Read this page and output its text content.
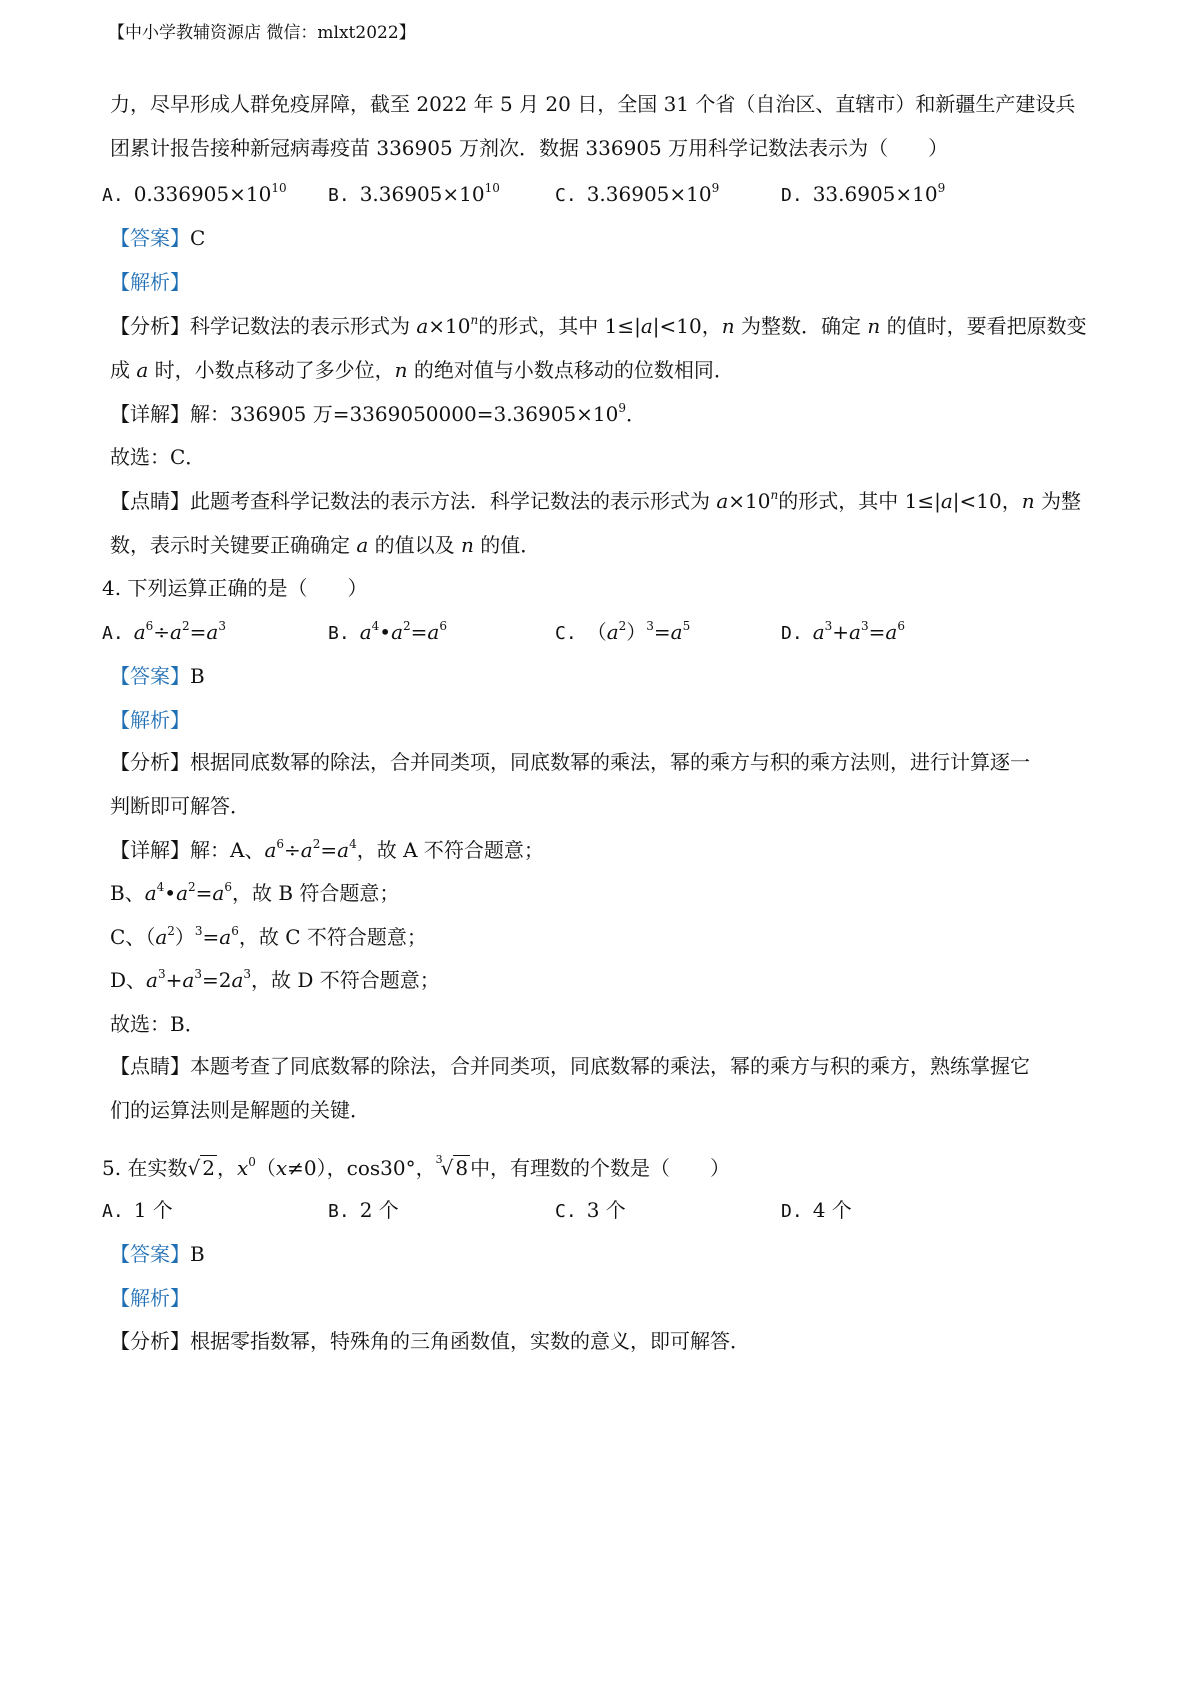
【中小学教辅资源店 微信：mlxt2022】
力，尽早形成人群免疫屏障，截至 2022 年 5 月 20 日，全国 31 个省（自治区、直辖市）和新疆生产建设兵
团累计报告接种新冠病毒疫苗 336905 万剂次．数据 336905 万用科学记数法表示为（　　）
A. $0.336905\times 10^{10}$ B. $3.36905\times 10^{10}$	C. $3.36905\times 10^9$	D. $33.6905\times 10^9$
【答案】C
【解析】
【分析】科学记数法的表示形式为 $a\times 10^n$的形式，其中 1≤|a|<10，n 为整数．确定 n 的值时，要看把原数变
成 a 时，小数点移动了多少位，n 的绝对值与小数点移动的位数相同．
【详解】解：336905 万$=3369050000=3.36905\times 10^9$．
故选：C．
【点睛】此题考查科学记数法的表示方法．科学记数法的表示形式为 $a\times 10^n$的形式，其中 1≤|a|<10，n 为整
数，表示时关键要正确确定 a 的值以及 n 的值．
4. 下列运算正确的是（　　）
A. $a^6\div a^2=a^3$	B. $a^4•a^2=a^6$	C. $(a^2)^3=a^5$	D. $a^3+a^3=a^6$
【答案】B
【解析】
【分析】根据同底数幂的除法，合并同类项，同底数幂的乘法，幂的乘方与积的乘方法则，进行计算逐一
判断即可解答．
【详解】解：A、$a^6\div a^2=a^4$，故 A 不符合题意；
B、$a^4•a^2=a^6$，故 B 符合题意；
C、$(a^2)^3=a^6$，故 C 不符合题意；
D、$a^3+a^3=2a^3$，故 D 不符合题意；
故选：B．
【点睛】本题考查了同底数幂的除法，合并同类项，同底数幂的乘法，幂的乘方与积的乘方，熟练掌握它
们的运算法则是解题的关键．
5. 在实数√ 2 ，$x^0(x\ne 0)$，cos30°，$^3$√ 8 中，有理数的个数是（　　）
A. 1 个	B. 2 个	C. 3 个	D. 4 个
【答案】B
【解析】
【分析】根据零指数幂，特殊角的三角函数值，实数的意义，即可解答．
